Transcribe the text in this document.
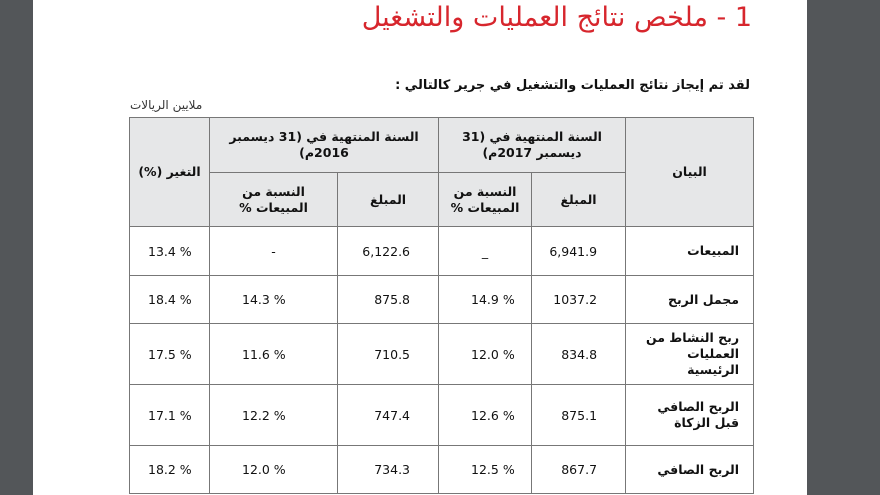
1 - ملخص نتائج العمليات والتشغيل
لقد تم إيجاز نتائج العمليات والتشغيل في جرير كالتالي :
ملايين الريالات
التغير (%)	السنة المنتهية في (31 ديسمبر 2016م)		السنة المنتهية في (31 ديسمبر 2017م)		البيان
	النسبة من المبيعات %	المبلغ	النسبة من المبيعات %	المبلغ	
13.4 %	-	6,122.6	_	6,941.9	المبيعات
18.4 %	14.3 %	875.8	14.9 %	1037.2	مجمل الربح
17.5 %	11.6 %	710.5	12.0 %	834.8	ربح النشاط من العمليات الرئيسية
17.1 %	12.2 %	747.4	12.6 %	875.1	الربح الصافي قبل الزكاة
18.2 %	12.0 %	734.3	12.5 %	867.7	الربح الصافي
